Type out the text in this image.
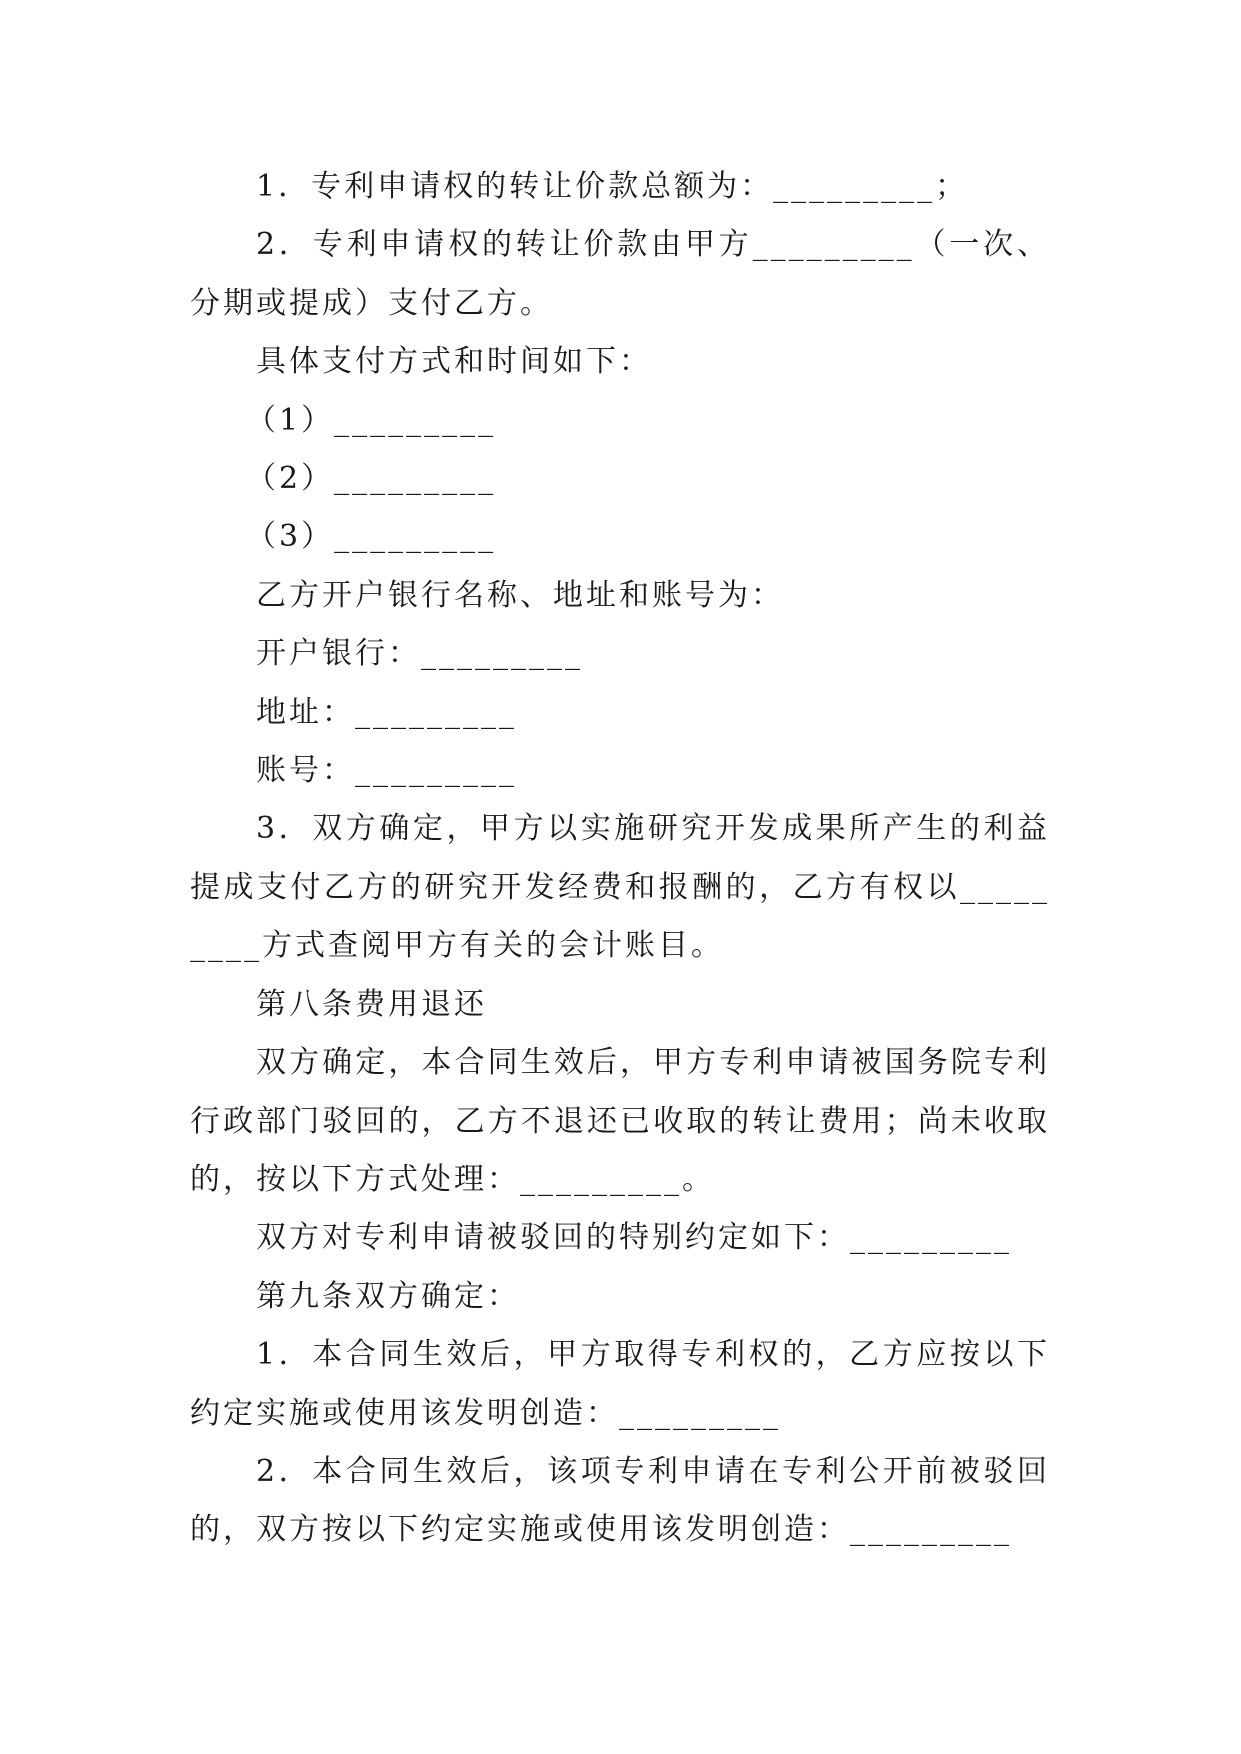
1．专利申请权的转让价款总额为：_________；

2．专利申请权的转让价款由甲方_________（一次、分期或提成）支付乙方。

具体支付方式和时间如下：

（1）_________

（2）_________

（3）_________

乙方开户银行名称、地址和账号为：

开户银行：_________

地址：_________

账号：_________

3．双方确定，甲方以实施研究开发成果所产生的利益提成支付乙方的研究开发经费和报酬的，乙方有权以_________方式查阅甲方有关的会计账目。

第八条费用退还

双方确定，本合同生效后，甲方专利申请被国务院专利行政部门驳回的，乙方不退还已收取的转让费用；尚未收取的，按以下方式处理：_________。

双方对专利申请被驳回的特别约定如下：_________

第九条双方确定：

1．本合同生效后，甲方取得专利权的，乙方应按以下约定实施或使用该发明创造：_________

2．本合同生效后，该项专利申请在专利公开前被驳回的，双方按以下约定实施或使用该发明创造：_________
